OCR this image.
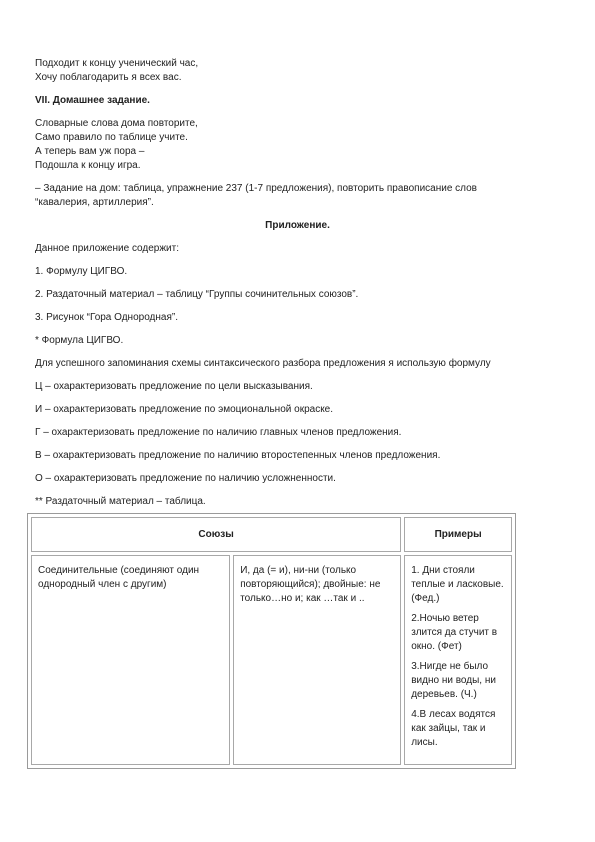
Подходит к концу ученический час,

Хочу поблагодарить я всех вас.

VII. Домашнее задание.

Словарные слова дома повторите,

Само правило по таблице учите.

А теперь вам уж пора –

Подошла к концу игра.

– Задание на дом: таблица, упражнение 237 (1-7 предложения), повторить правописание слов

“кавалерия, артиллерия”.

Приложение.

Данное приложение содержит:

1. Формулу ЦИГВО.

2. Раздаточный материал – таблицу “Группы сочинительных союзов”.

3. Рисунок “Гора Однородная”.

* Формула ЦИГВО.

Для успешного запоминания схемы синтаксического разбора предложения я использую формулу

Ц – охарактеризовать предложение по цели высказывания.

И – охарактеризовать предложение по эмоциональной окраске.

Г – охарактеризовать предложение по наличию главных членов предложения.

В – охарактеризовать предложение по наличию второстепенных членов предложения.

О – охарактеризовать предложение по наличию усложненности.

** Раздаточный материал – таблица.

Союзы		Примеры
Соединительные (соединяют один однородный член с другим)	И, да (= и), ни-ни (только повторяющийся); двойные: не только…но и; как …так и ..	1. Дни стояли теплые и ласковые. (Фед.)

2.Ночью ветер злится да стучит в окно. (Фет)

3.Нигде не было видно ни воды, ни деревьев. (Ч.)

4.В лесах водятся как зайцы, так и лисы.
